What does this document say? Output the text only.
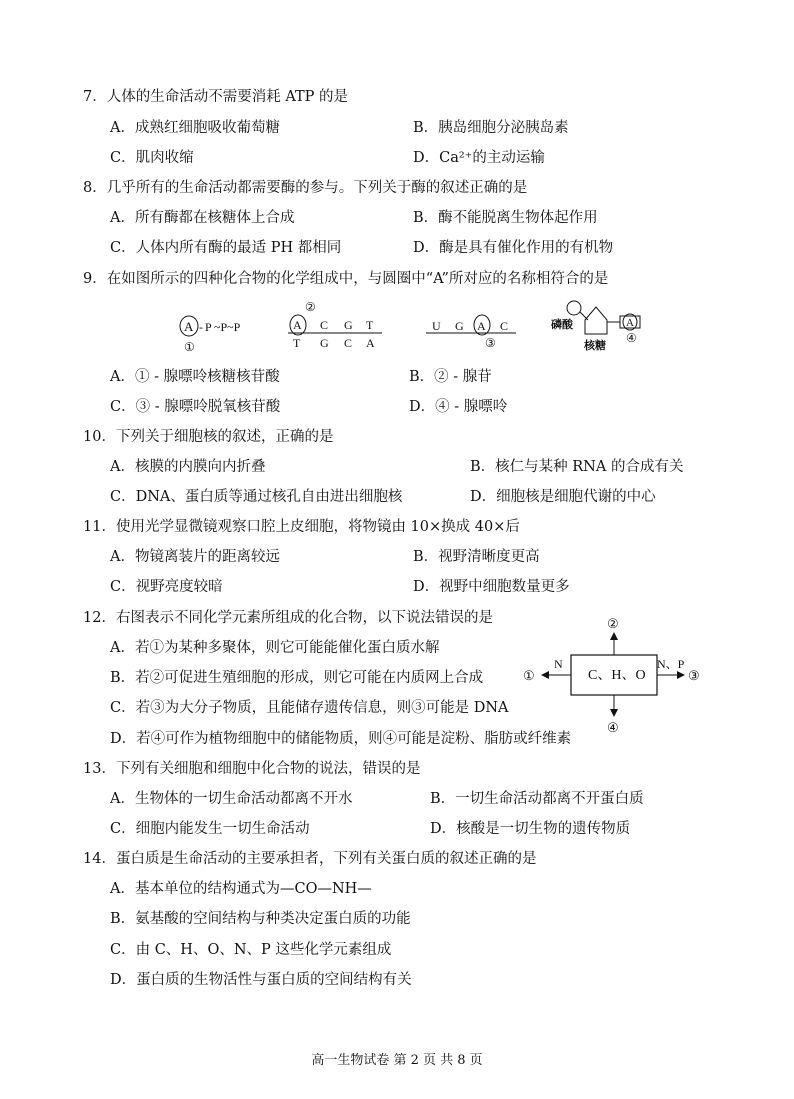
7．人体的生命活动不需要消耗 ATP 的是
A．成熟红细胞吸收葡萄糖	B．胰岛细胞分泌胰岛素
C．肌肉收缩	D．Ca²⁺的主动运输
8．几乎所有的生命活动都需要酶的参与。下列关于酶的叙述正确的是
A．所有酶都在核糖体上合成	B．酶不能脱离生物体起作用
C．人体内所有酶的最适 PH 都相同	D．酶是具有催化作用的有机物
9．在如图所示的四种化合物的化学组成中，与圆圈中“A”所对应的名称相符合的是
A - P ~P~P
①
②
A C G T
T G C A
U G A C
③
磷酸	A
核糖
④
A．① - 腺嘌呤核糖核苷酸	B．② - 腺苷
C．③ - 腺嘌呤脱氧核苷酸	D．④ - 腺嘌呤
10．下列关于细胞核的叙述，正确的是
A．核膜的内膜向内折叠	B．核仁与某种 RNA 的合成有关
C．DNA、蛋白质等通过核孔自由进出细胞核	D．细胞核是细胞代谢的中心
11．使用光学显微镜观察口腔上皮细胞，将物镜由 10×换成 40×后
A．物镜离装片的距离较远	B．视野清晰度更高
C．视野亮度较暗	D．视野中细胞数量更多
12．右图表示不同化学元素所组成的化合物，以下说法错误的是
A．若①为某种多聚体，则它可能能催化蛋白质水解
B．若②可促进生殖细胞的形成，则它可能在内质网上合成
C．若③为大分子物质，且能储存遗传信息，则③可能是 DNA
D．若④可作为植物细胞中的储能物质，则④可能是淀粉、脂肪或纤维素
②
C、H、O
N
①
N、P
③
④
13．下列有关细胞和细胞中化合物的说法，错误的是
A．生物体的一切生命活动都离不开水	B．一切生命活动都离不开蛋白质
C．细胞内能发生一切生命活动	D．核酸是一切生物的遗传物质
14．蛋白质是生命活动的主要承担者，下列有关蛋白质的叙述正确的是
A．基本单位的结构通式为—CO—NH—
B．氨基酸的空间结构与种类决定蛋白质的功能
C．由 C、H、O、N、P 这些化学元素组成
D．蛋白质的生物活性与蛋白质的空间结构有关
高一生物试卷 第 2 页 共 8 页
